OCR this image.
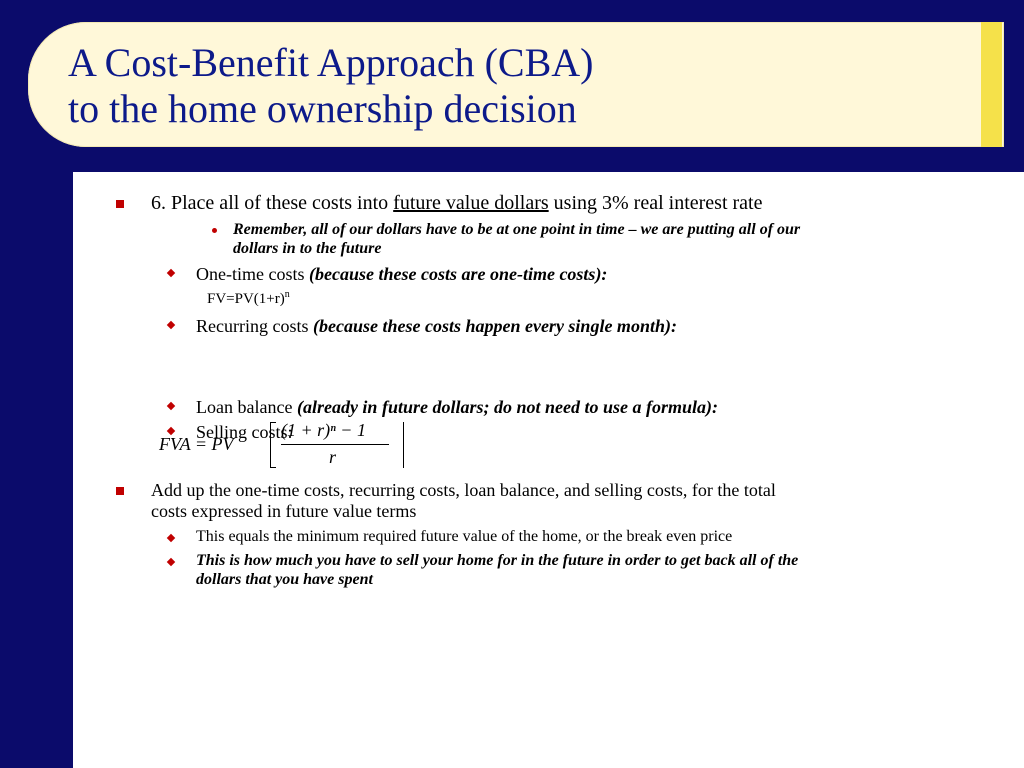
A Cost-Benefit Approach (CBA)
to the home ownership decision
6. Place all of these costs into future value dollars using 3% real interest rate
Remember, all of our dollars have to be at one point in time – we are putting all of our
dollars in to the future
One-time costs (because these costs are one-time costs):
$FV=PV(1+r)^n$
Recurring costs (because these costs happen every single month):
Loan balance (already in future dollars; do not need to use a formula):
Selling costs:
FVA = PV
(1 + r)ⁿ − 1
r
Add up the one-time costs, recurring costs, loan balance, and selling costs, for the total
costs expressed in future value terms
This equals the minimum required future value of the home, or the break even price
This is how much you have to sell your home for in the future in order to get back all of the
dollars that you have spent
